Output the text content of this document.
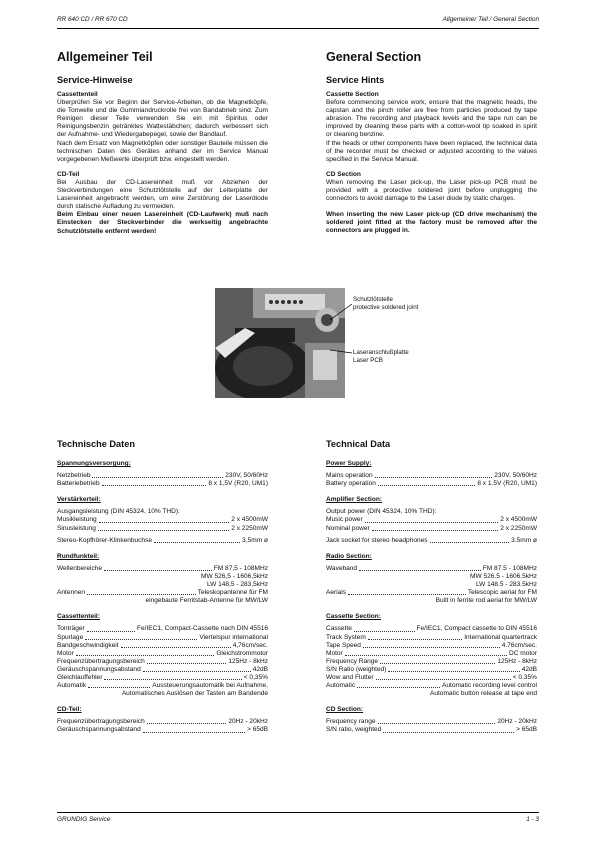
RR 640 CD / RR 670 CD	Allgemeiner Teil / General Section

Allgemeiner Teil

Service-Hinweise

Cassettenteil

Überprüfen Sie vor Beginn der Service-Arbeiten, ob die Magnetköpfe, die Tonwelle und die Gummiandruckrolle frei von Bandabrieb sind. Zum Reinigen dieser Teile verwenden Sie ein mit Spiritus oder Reinigungsbenzin getränktes Wattestäbchen; dadurch verbessert sich der Aufnahme- und Wiedergabepegel, sowie der Bandlauf.

Nach dem Ersatz von Magnetköpfen oder sonstiger Bauteile müssen die technischen Daten des Gerätes anhand der im Service Manual vorgegebenen Meßwerte überprüft bzw. eingestellt werden.

CD-Teil

Bei Ausbau der CD-Lasereinheit muß vor Abziehen der Steckverbindungen eine Schutzlötstelle auf der Leiterplatte der Lasereinheit angebracht werden, um eine Zerstörung der Laserdiode durch statische Aufladung zu vermeiden.

Beim Einbau einer neuen Lasereinheit (CD-Laufwerk) muß nach Einstecken der Steckverbinder die werkseitig angebrachte Schutzlötstelle entfernt werden!

General Section

Service Hints

Cassette Section

Before commencing service work, ensure that the magnetic heads, the capstan and the pinch roller are free from particles produced by tape abrasion. The recording and playback levels and the tape run can be improved by cleaning these parts with a cotton-wool tip soaked in spirit or cleaning benzine.

If the heads or other components have been replaced, the technical data of the recorder must be checked or adjusted according to the values specified in the Service Manual.

CD Section

When removing the Laser pick-up, the Laser pick-up PCB must be provided with a protective soldered joint before unplugging the connectors to avoid damage to the Laser diode by static charges.

When inserting the new Laser pick-up (CD drive mechanism) the soldered joint fitted at the factory must be removed after the connectors are plugged in.

Schutzlötstelle
protective soldered joint
Laseranschlußplatte
Laser PCB

Technische Daten

Spannungsversorgung:

Netzbetrieb	230V, 50/60Hz
Batteriebetrieb	8 x 1,5V (R20, UM1)

Verstärkerteil:

Ausgangsleistung (DIN 45324, 10% THD):

Musikleistung	2 x 4500mW
Sinusleistung	2 x 2250mW
Stereo-Kopfhörer-Klinkenbuchse	3,5mm ø

Rundfunkteil:

Wellenbereiche	FM 87,5 - 108MHz
MW 526,5 - 1606,5kHz
LW 148,5 - 283,5kHz
Antennen	Teleskopantenne für FM
eingebaute Ferritstab-Antenne für MW/LW

Cassettenteil:

Tonträger	Fe/IEC1, Compact-Cassette nach DIN 45516
Spurlage	Viertelspur international
Bandgeschwindigkeit	4,76cm/sec.
Motor	Gleichstrommotor
Frequenzübertragungsbereich	125Hz - 8kHz
Geräuschspannungsabstand	42dB
Gleichlauffehler	< 0,35%
Automatik	Aussteuerungsautomatik bei Aufnahme,
Automatisches Auslösen der Tasten am Bandende

CD-Teil:

Frequenzübertragungsbereich	20Hz - 20kHz
Geräuschspannungsabstand	> 65dB

Technical Data

Power Supply:

Mains operation	230V, 50/60Hz
Battery operation	8 x 1.5V (R20, UM1)

Amplifier Section:

Output power (DIN 45324, 10% THD):

Music power	2 x 4500mW
Nominal power	2 x 2250mW
Jack socket for stereo headphones	3.5mm ø

Radio Section:

Waveband	FM 87.5 - 108MHz
MW 526.5 - 1606.5kHz
LW 148.5 - 283.5kHz
Aerials	Telescopic aerial for FM
Built in ferrite rod aerial for MW/LW

Cassette Section:

Cassette	Fe/IEC1, Compact cassette to DIN 45516
Track System	International quartertrack
Tape Speed	4.76cm/sec.
Motor	DC motor
Frequency Range	125Hz - 8kHz
S/N Ratio (weighted)	42dB
Wow and Flutter	< 0.35%
Automatic	Automatic recording level control
Automatic button release at tape end

CD Section:

Frequency range	20Hz - 20kHz
S/N ratio, weighted	> 65dB
GRUNDIG Service	1 - 3
